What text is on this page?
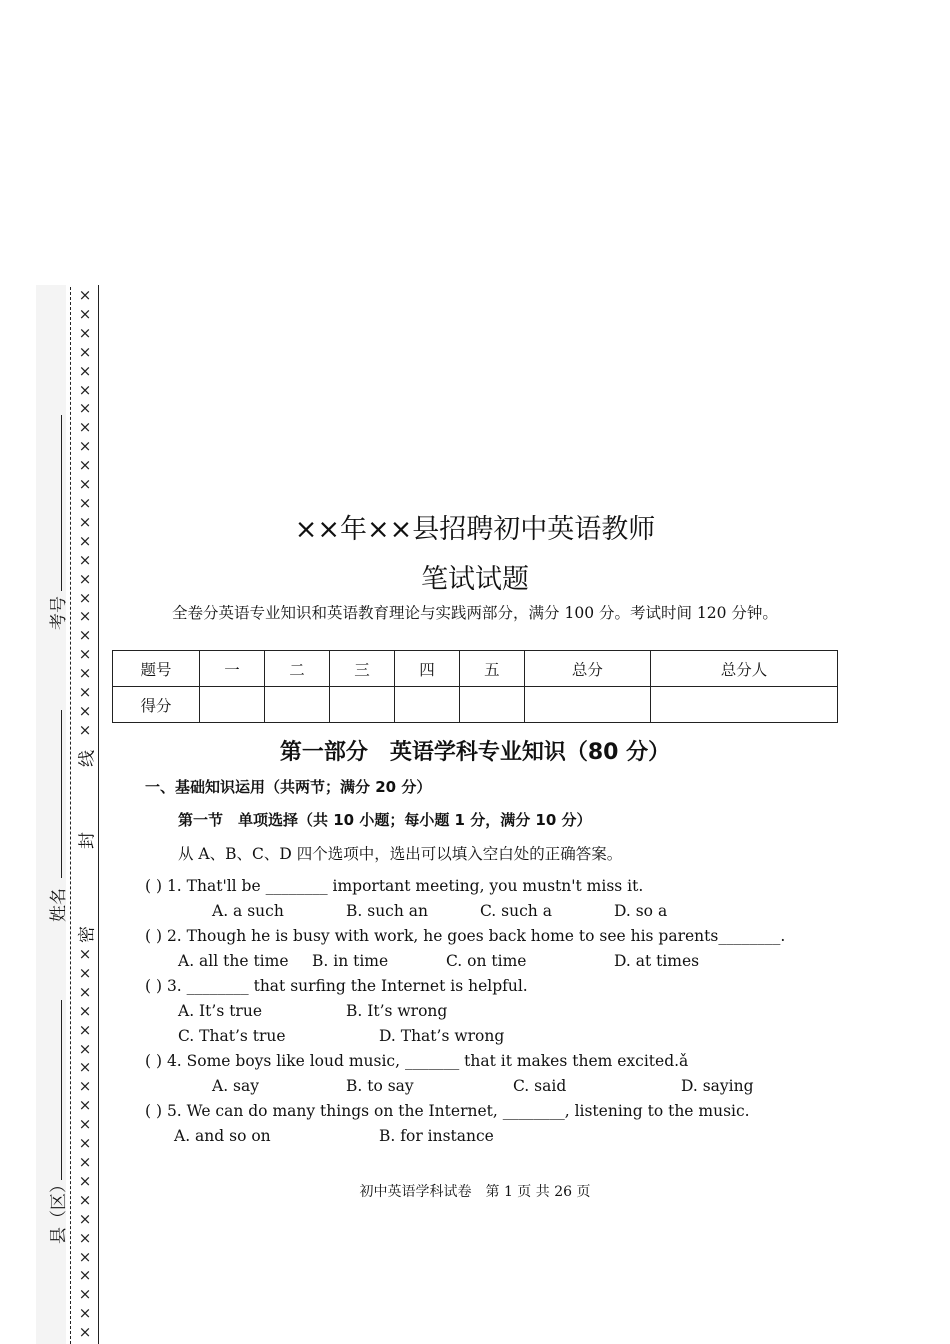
×
×
×
×
×
×
×
×
×
×
×
×
×
×
×
×
×
×
×
×
×
×
×
×
线
封
密
×
×
×
×
×
×
×
×
×
×
×
×
×
×
×
×
×
×
×
×
×
考号
姓名
县（区）
××年××县招聘初中英语教师
笔试试题
全卷分英语专业知识和英语教育理论与实践两部分，满分 100 分。考试时间 120 分钟。
题号	一	二	三	四	五	总分	总分人
得分							
第一部分　英语学科专业知识（80 分）
一、基础知识运用（共两节；满分 20 分）
第一节　单项选择（共 10 小题；每小题 1 分，满分 10 分）
从 A、B、C、D 四个选项中，选出可以填入空白处的正确答案。
( ) 1. That'll be ________ important meeting, you mustn't miss it.
A. a such	B. such an	C. such a	D. so a
( ) 2. Though he is busy with work, he goes back home to see his parents________.
A. all the time B. in time	C. on time	D. at times
( ) 3. ________ that surfing the Internet is helpful.
A. It’s true	B. It’s wrong
C. That’s true	D. That’s wrong
( ) 4. Some boys like loud music, _______ that it makes them excited.ǎ
A. say	B. to say	C. said	D. saying
( ) 5. We can do many things on the Internet, ________, listening to the music.
A. and so on	B. for instance
初中英语学科试卷　第 1 页 共 26 页
